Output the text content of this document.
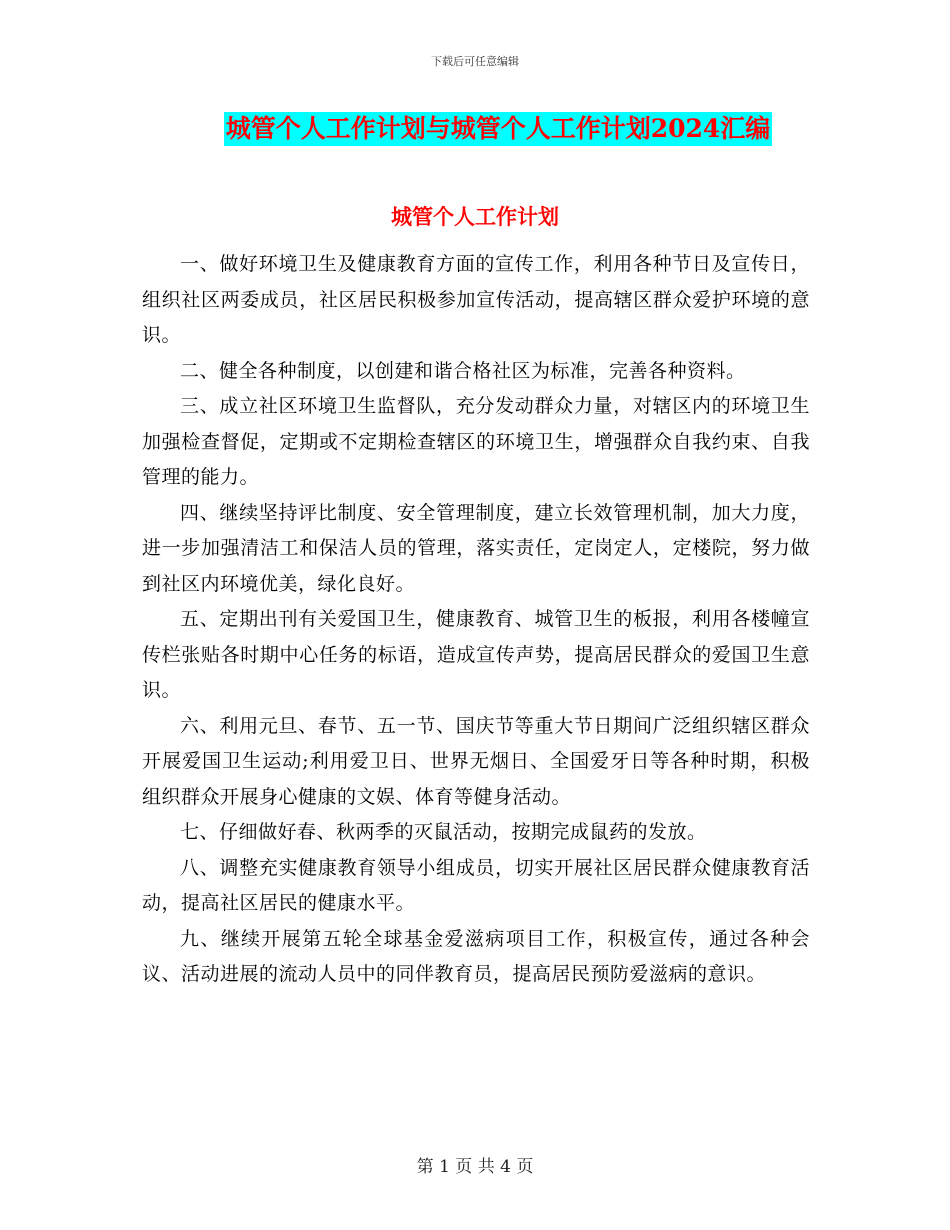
下载后可任意编辑
城管个人工作计划与城管个人工作计划2024汇编
城管个人工作计划

一、做好环境卫生及健康教育方面的宣传工作，利用各种节日及宣传日，组织社区两委成员，社区居民积极参加宣传活动，提高辖区群众爱护环境的意识。

二、健全各种制度，以创建和谐合格社区为标准，完善各种资料。

三、成立社区环境卫生监督队，充分发动群众力量，对辖区内的环境卫生加强检查督促，定期或不定期检查辖区的环境卫生，增强群众自我约束、自我管理的能力。

四、继续坚持评比制度、安全管理制度，建立长效管理机制，加大力度，进一步加强清洁工和保洁人员的管理，落实责任，定岗定人，定楼院，努力做到社区内环境优美，绿化良好。

五、定期出刊有关爱国卫生，健康教育、城管卫生的板报，利用各楼幢宣传栏张贴各时期中心任务的标语，造成宣传声势，提高居民群众的爱国卫生意识。

六、利用元旦、春节、五一节、国庆节等重大节日期间广泛组织辖区群众开展爱国卫生运动;利用爱卫日、世界无烟日、全国爱牙日等各种时期，积极组织群众开展身心健康的文娱、体育等健身活动。

七、仔细做好春、秋两季的灭鼠活动，按期完成鼠药的发放。

八、调整充实健康教育领导小组成员，切实开展社区居民群众健康教育活动，提高社区居民的健康水平。

九、继续开展第五轮全球基金爱滋病项目工作，积极宣传，通过各种会议、活动进展的流动人员中的同伴教育员，提高居民预防爱滋病的意识。

第 1 页 共 4 页
